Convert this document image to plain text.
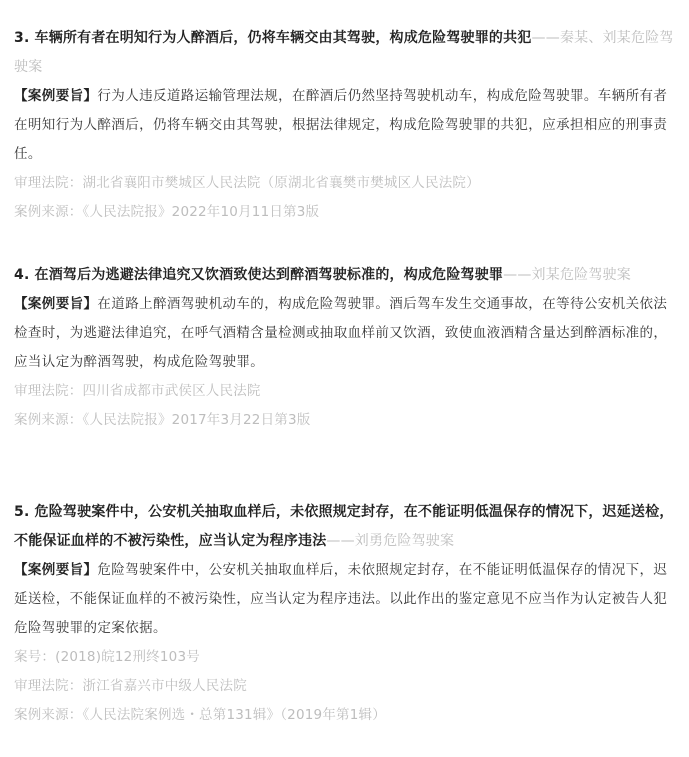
3. 车辆所有者在明知行为人醉酒后，仍将车辆交由其驾驶，构成危险驾驶罪的共犯——秦某、刘某危险驾驶案

【案例要旨】行为人违反道路运输管理法规，在醉酒后仍然坚持驾驶机动车，构成危险驾驶罪。车辆所有者在明知行为人醉酒后，仍将车辆交由其驾驶，根据法律规定，构成危险驾驶罪的共犯，应承担相应的刑事责任。

审理法院：湖北省襄阳市樊城区人民法院（原湖北省襄樊市樊城区人民法院）

案例来源：《人民法院报》2022年10月11日第3版

4. 在酒驾后为逃避法律追究又饮酒致使达到醉酒驾驶标准的，构成危险驾驶罪——刘某危险驾驶案

【案例要旨】在道路上醉酒驾驶机动车的，构成危险驾驶罪。酒后驾车发生交通事故，在等待公安机关依法检查时，为逃避法律追究，在呼气酒精含量检测或抽取血样前又饮酒，致使血液酒精含量达到醉酒标准的，应当认定为醉酒驾驶，构成危险驾驶罪。

审理法院：四川省成都市武侯区人民法院

案例来源：《人民法院报》2017年3月22日第3版

5. 危险驾驶案件中，公安机关抽取血样后，未依照规定封存，在不能证明低温保存的情况下，迟延送检，不能保证血样的不被污染性，应当认定为程序违法——刘勇危险驾驶案

【案例要旨】危险驾驶案件中，公安机关抽取血样后，未依照规定封存，在不能证明低温保存的情况下，迟延送检，不能保证血样的不被污染性，应当认定为程序违法。以此作出的鉴定意见不应当作为认定被告人犯危险驾驶罪的定案依据。

案号：(2018)皖12刑终103号

审理法院：浙江省嘉兴市中级人民法院

案例来源：《人民法院案例选・总第131辑》（2019年第1辑）
